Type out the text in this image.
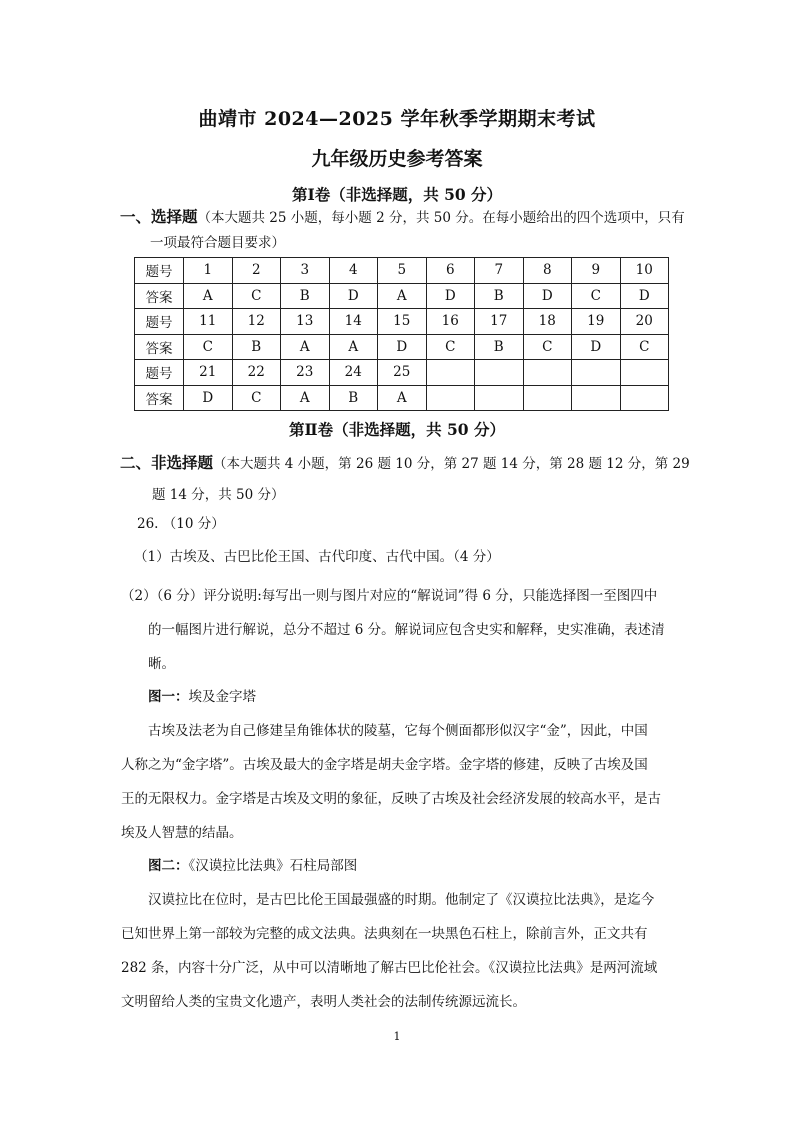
曲靖市 2024—2025 学年秋季学期期末考试
九年级历史参考答案
第Ⅰ卷（非选择题，共 50 分）
一、选择题（本大题共 25 小题，每小题 2 分，共 50 分。在每小题给出的四个选项中，只有
一项最符合题目要求）
题号	1	2	3	4	5	6	7	8	9	10
答案	A	C	B	D	A	D	B	D	C	D
题号	11	12	13	14	15	16	17	18	19	20
答案	C	B	A	A	D	C	B	C	D	C
题号	21	22	23	24	25					
答案	D	C	A	B	A					
第Ⅱ卷（非选择题，共 50 分）
二、非选择题（本大题共 4 小题，第 26 题 10 分，第 27 题 14 分，第 28 题 12 分，第 29
题 14 分，共 50 分）
26. （10 分）
（1）古埃及、古巴比伦王国、古代印度、古代中国。（4 分）
（2）（6 分）评分说明:每写出一则与图片对应的“解说词”得 6 分，只能选择图一至图四中
的一幅图片进行解说，总分不超过 6 分。解说词应包含史实和解释，史实准确，表述清
晰。
图一：埃及金字塔
古埃及法老为自己修建呈角锥体状的陵墓，它每个侧面都形似汉字“金”，因此，中国
人称之为“金字塔”。古埃及最大的金字塔是胡夫金字塔。金字塔的修建，反映了古埃及国
王的无限权力。金字塔是古埃及文明的象征，反映了古埃及社会经济发展的较高水平，是古
埃及人智慧的结晶。
图二：《汉谟拉比法典》石柱局部图
汉谟拉比在位时，是古巴比伦王国最强盛的时期。他制定了《汉谟拉比法典》，是迄今
已知世界上第一部较为完整的成文法典。法典刻在一块黑色石柱上，除前言外，正文共有
282 条，内容十分广泛，从中可以清晰地了解古巴比伦社会。《汉谟拉比法典》是两河流域
文明留给人类的宝贵文化遗产，表明人类社会的法制传统源远流长。
1
